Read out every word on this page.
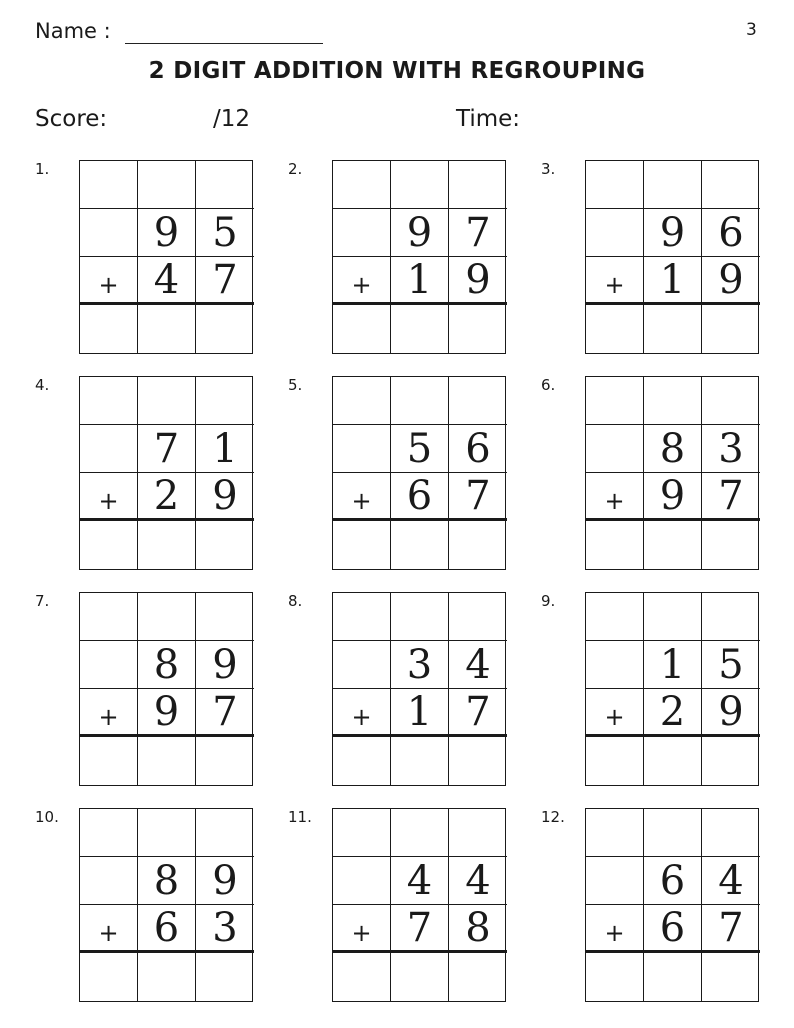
Name :	3
2 DIGIT ADDITION WITH REGROUPING
Score:	/12	Time:
1.
9 5
+ 4 7
2.
9 7
+ 1 9
3.
9 6
+ 1 9
4.
7 1
+ 2 9
5.
5 6
+ 6 7
6.
8 3
+ 9 7
7.
8 9
+ 9 7
8.
3 4
+ 1 7
9.
1 5
+ 2 9
10.
8 9
+ 6 3
11.
4 4
+ 7 8
12.
6 4
+ 6 7
